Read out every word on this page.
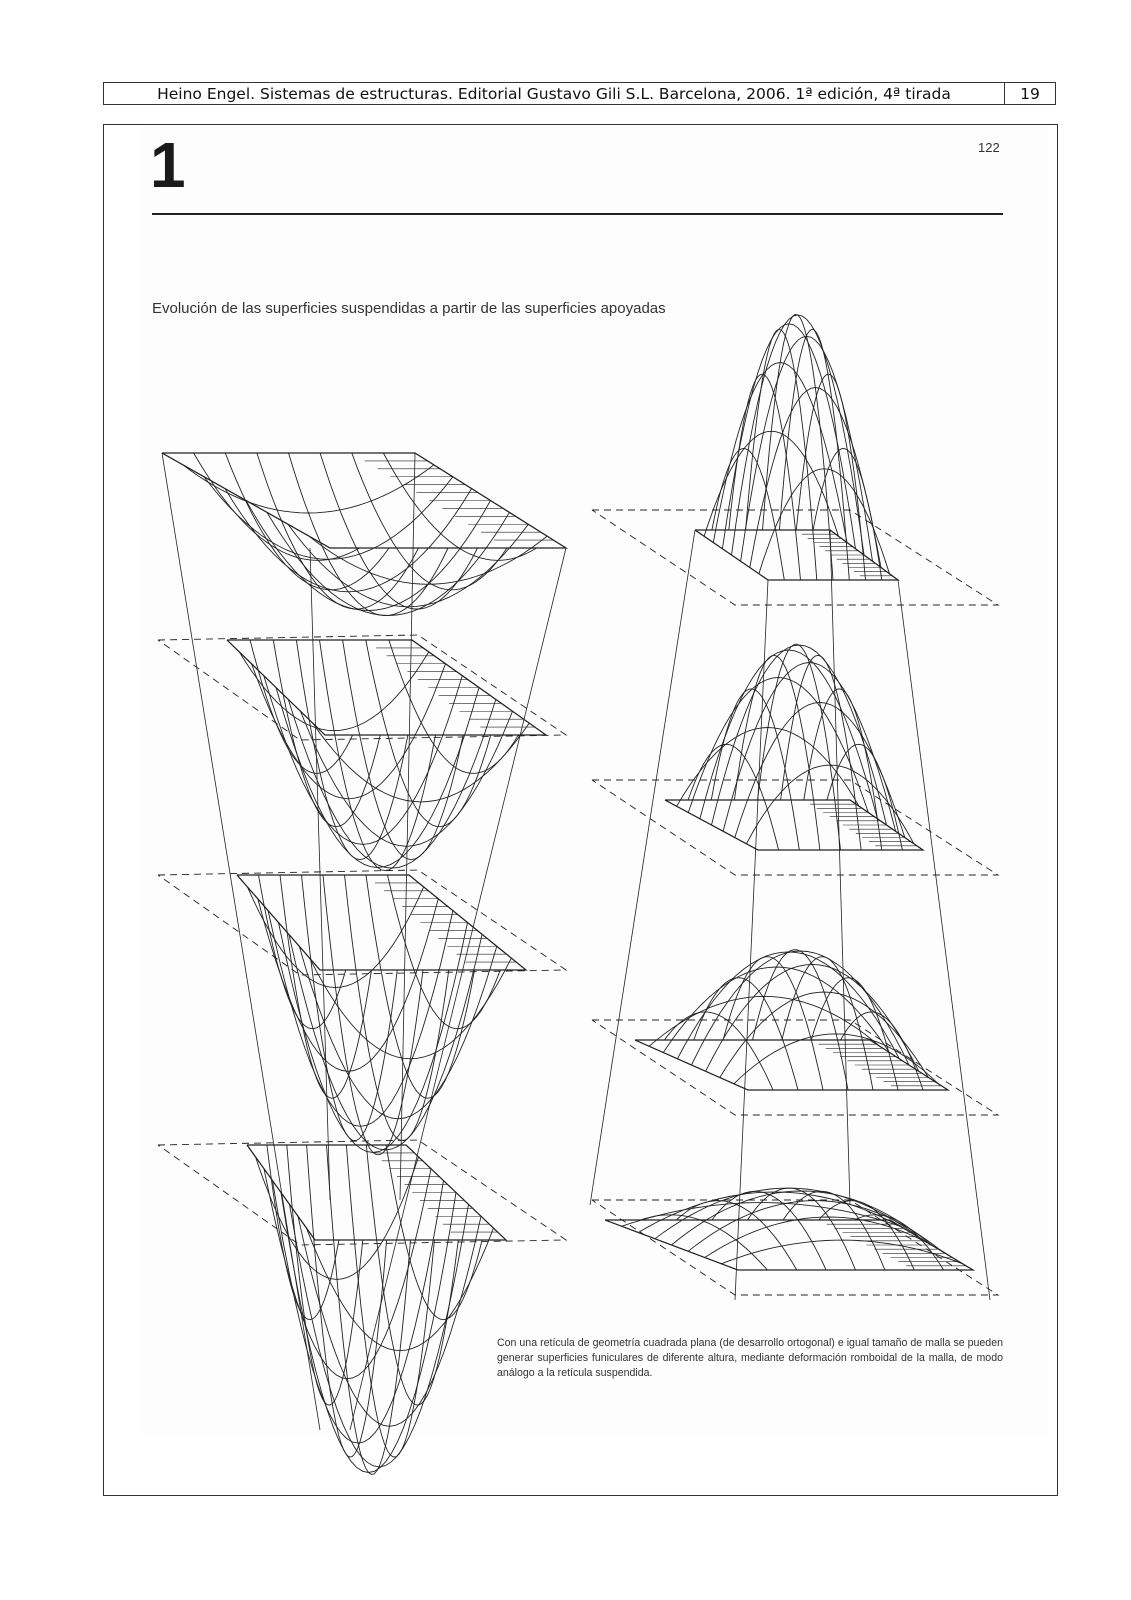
Heino Engel. Sistemas de estructuras. Editorial Gustavo Gili S.L. Barcelona, 2006. 1ª edición, 4ª tirada	19
1	122
Evolución de las superficies suspendidas a partir de las superficies apoyadas
Con una retícula de geometría cuadrada plana (de desarrollo ortogonal) e igual tamaño de malla se pueden generar superficies funiculares de diferente altura, mediante deformación romboidal de la malla, de modo análogo a la retícula suspendida.
